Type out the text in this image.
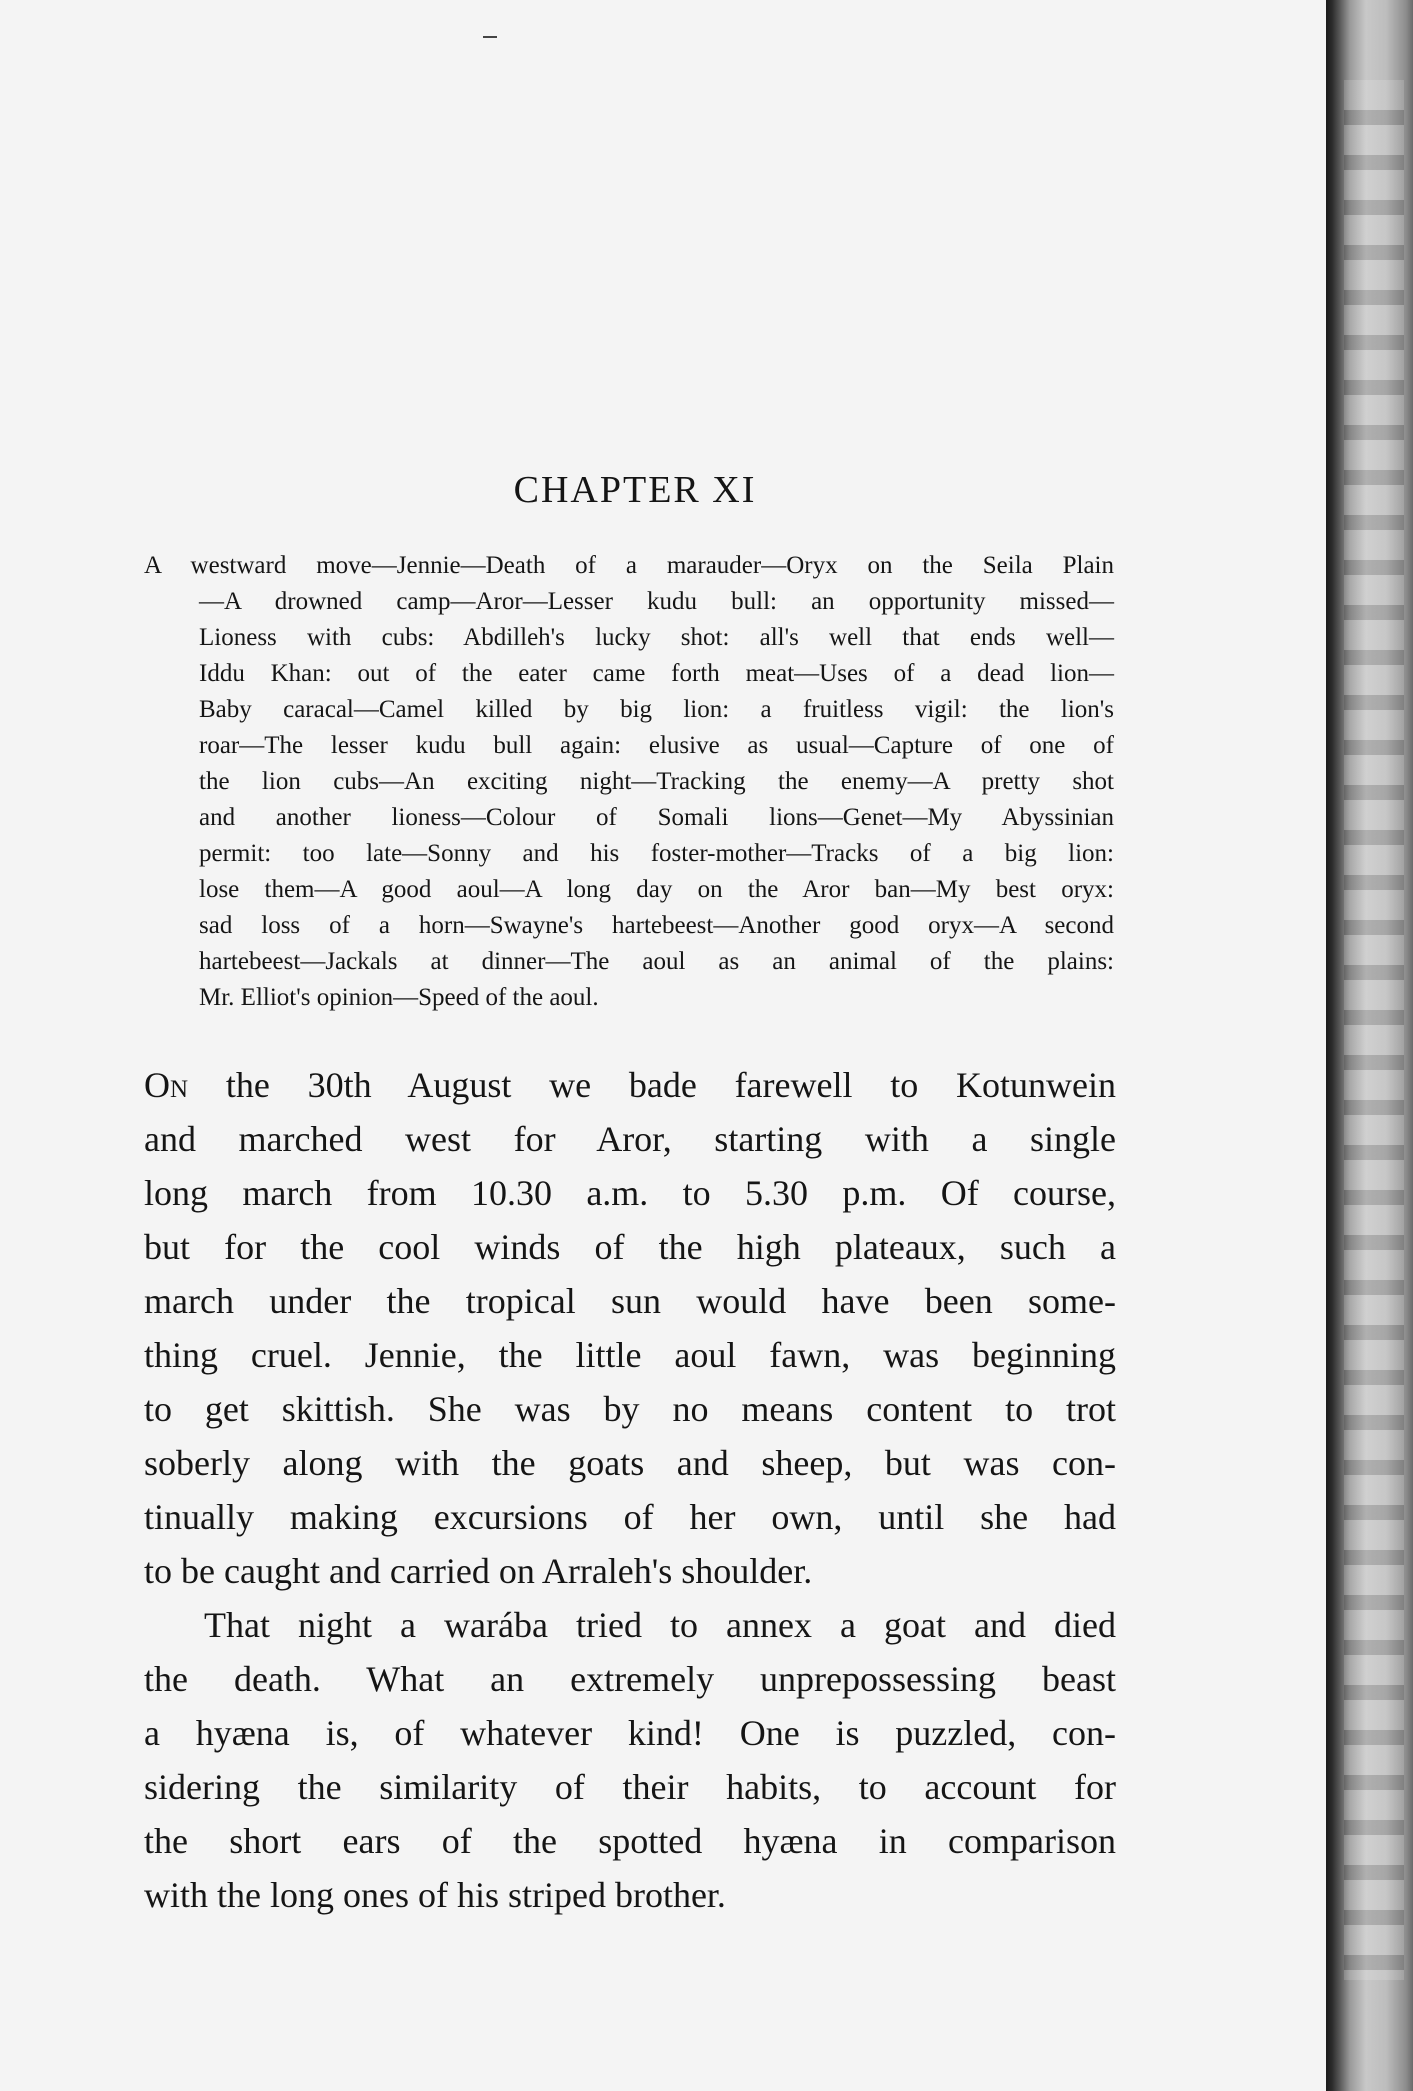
CHAPTER XI
A westward move—Jennie—Death of a marauder—Oryx on the Seila Plain
—A drowned camp—Aror—Lesser kudu bull: an opportunity missed—
Lioness with cubs: Abdilleh's lucky shot: all's well that ends well—
Iddu Khan: out of the eater came forth meat—Uses of a dead lion—
Baby caracal—Camel killed by big lion: a fruitless vigil: the lion's
roar—The lesser kudu bull again: elusive as usual—Capture of one of
the lion cubs—An exciting night—Tracking the enemy—A pretty shot
and another lioness—Colour of Somali lions—Genet—My Abyssinian
permit: too late—Sonny and his foster-mother—Tracks of a big lion:
lose them—A good aoul—A long day on the Aror ban—My best oryx:
sad loss of a horn—Swayne's hartebeest—Another good oryx—A second
hartebeest—Jackals at dinner—The aoul as an animal of the plains:
Mr. Elliot's opinion—Speed of the aoul.
On the 30th August we bade farewell to Kotunwein
and marched west for Aror, starting with a single
long march from 10.30 a.m. to 5.30 p.m. Of course,
but for the cool winds of the high plateaux, such a
march under the tropical sun would have been some-
thing cruel. Jennie, the little aoul fawn, was beginning
to get skittish. She was by no means content to trot
soberly along with the goats and sheep, but was con-
tinually making excursions of her own, until she had
to be caught and carried on Arraleh's shoulder.
That night a warába tried to annex a goat and died
the death. What an extremely unprepossessing beast
a hyæna is, of whatever kind! One is puzzled, con-
sidering the similarity of their habits, to account for
the short ears of the spotted hyæna in comparison
with the long ones of his striped brother.
